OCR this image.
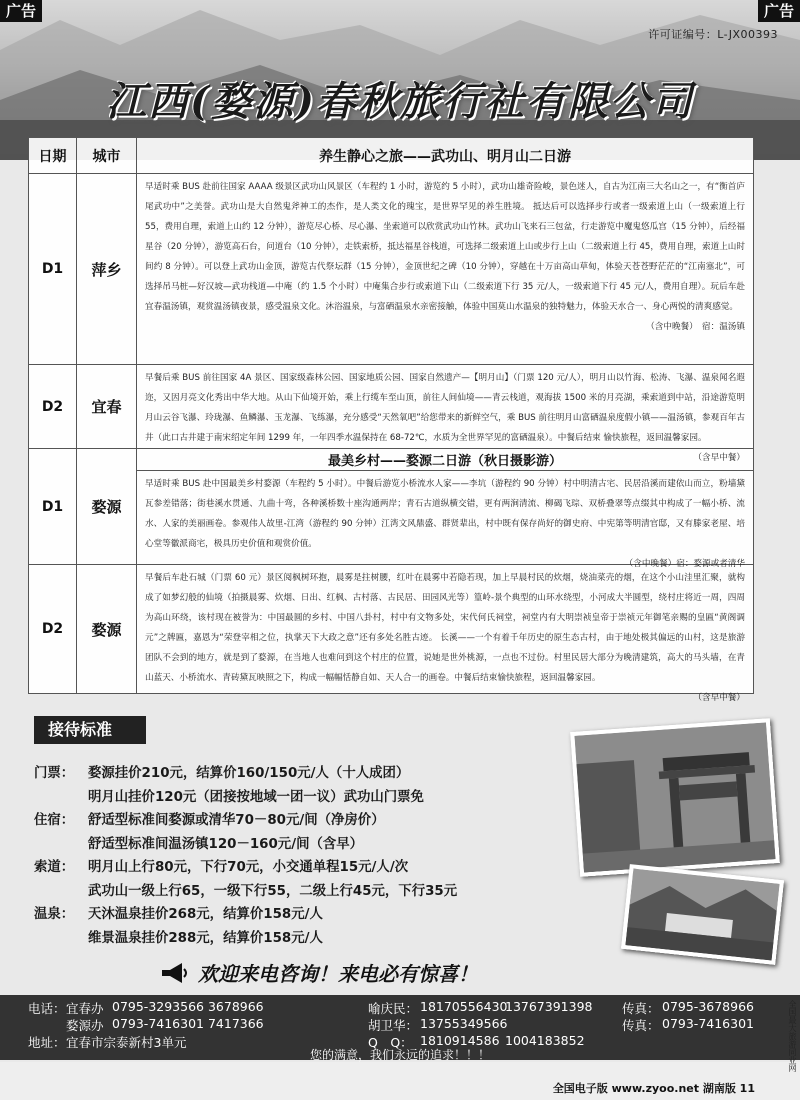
广告	广告
许可证编号：L-JX00393
江西(婺源)春秋旅行社有限公司
日期	城市	养生静心之旅——武功山、明月山二日游
D1	萍乡
早适时乘 BUS 赴前往国家 AAAA 级景区武功山风景区（车程约 1 小时，游览约 5 小时），武功山雄奇险峻，景色迷人，自古为江南三大名山之一，有“衡首庐尾武功中”之美誉。武功山是大自然鬼斧神工的杰作，是人类文化的瑰宝，是世界罕见的养生胜境。 抵达后可以选择步行或者一级索道上山（一级索道上行 55，费用自理，索道上山约 12 分钟），游览尽心桥、尽心瀑、坐索道可以欣赏武功山竹林。武功山飞来石三包盆，行走游览中魔鬼悠瓜宫（15 分钟），后经福星谷（20 分钟），游览高石台，问道台（10 分钟），走铁索桥，抵达福星谷栈道，可选择二级索道上山或步行上山（二级索道上行 45，费用自理，索道上山时间约 8 分钟）。可以登上武功山金顶，游览古代祭坛群（15 分钟），金顶世纪之碑（10 分钟），穿越在十万亩高山草甸，体验天苍苍野茫茫的“江南塞北”，可选择吊马桩—好汉坡—武功栈道—中庵（约 1.5 个小时）中庵集合步行或索道下山（二级索道下行 35 元/人，一级索道下行 45 元/人，费用自理）。玩后车赴宜春温汤镇，观赏温汤镇夜景，感受温泉文化。沐浴温泉，与富硒温泉水亲密接触，体验中国莫山水温泉的独特魅力，体验天水合一、身心两悦的清爽感觉。
（含中晚餐）　宿：温汤镇
D2	宜春
早餐后乘 BUS 前往国家 4A 景区、国家级森林公园、国家地质公园、国家自然遗产—【明月山】（门票 120 元/人），明月山以竹海、松涛、飞瀑、温泉闻名遐迩，又因月亮文化秀出中华大地。从山下仙境开始，乘上行缆车至山顶，前往人间仙境——青云栈道，观海拔 1500 米的月亮湖，乘索道到中站，沿途游览明月山云谷飞瀑、玲珑瀑、鱼鳞瀑、玉龙瀑、飞练瀑，充分感受“天然氧吧”给您带来的新鲜空气，乘 BUS 前往明月山富硒温泉度假小镇——温汤镇，参观百年古井（此口古井建于南宋绍定年间 1299 年，一年四季水温保持在 68-72℃，水质为全世界罕见的富硒温泉）。中餐后结束 愉快旅程，返回温馨家园。
（含早中餐）
D1	婺源
最美乡村——婺源二日游（秋日摄影游）
早适时乘 BUS 赴中国最美乡村婺源（车程约 5 小时）。中餐后游览小桥流水人家——李坑（游程约 90 分钟）村中明清古宅、民居沿溪而建依山而立，粉墙黛瓦参差错落；街巷溪水贯通、九曲十弯，各种溪桥数十座沟通两岸；青石古道纵横交错，更有两涧清流、柳碣飞琮、双桥叠翠等点缀其中构成了一幅小桥、流水、人家的美丽画卷。参观伟人故里-江湾（游程约 90 分钟）江湾文风鼎盛、群贤辈出，村中既有保存尚好的御史府、中宪第等明清官邸，又有滕家老屋、培心堂等徽派商宅，极具历史价值和观赏价值。
（含中晚餐）宿：婺源或者清华
D2	婺源
早餐后车赴石城（门票 60 元）景区阅枫树环抱，晨雾是拄树腰，红叶在晨雾中若隐若现，加上早晨村民的炊烟，烧油菜壳的烟，在这个小山洼里汇聚，就构成了如梦幻般的仙境（拍摄晨雾、炊烟、日出、红枫、古村落、古民居、田园风光等）篁岭-景个典型的山环水绕型，小河成大半圆型，绕村庄将近一周，四周为高山环绕，该村现在被誉为：中国最圆的乡村、中国八卦村，村中有文物多处，宋代何氏祠堂，祠堂内有大明崇祯皇帝于崇祯元年御笔亲赐的皇匾“黄阁调元”之牌匾，嘉恩为“荣登宰相之位，执掌天下大政之意”还有多处名胜古迹。 长溪——一个有着千年历史的原生态古村，由于地处极其偏远的山村，这是旅游团队不会到的地方，就是到了婺源，在当地人也难问到这个村庄的位置，说她是世外桃源，一点也不过份。村里民居大部分为晚清建筑，高大的马头墙，在青山蓝天、小桥流水、青砖黛瓦映照之下，构成一幅幅恬静自如、天人合一的画卷。中餐后结束愉快旅程，返回温馨家园。
（含早中餐）
接待标准
门票：	婺源挂价210元，结算价160/150元/人（十人成团）
明月山挂价120元（团接按地域一团一议）武功山门票免
住宿：	舒适型标准间婺源或清华70－80元/间（净房价）
舒适型标准间温汤镇120－160元/间（含早）
索道：	明月山上行80元，下行70元，小交通单程15元/人/次
武功山一级上行65，一级下行55，二级上行45元，下行35元
温泉：	天沐温泉挂价268元，结算价158元/人
维景温泉挂价288元，结算价158元/人
欢迎来电咨询！来电必有惊喜！
电话： 宜春办 0795-3293566 3678966
婺源办 0793-7416301 7417366
地址： 宜春市宗泰新村3单元
喻庆民： 18170556430
13767391398
胡卫华： 13755349566
Q　Q： 1810914586 1004183852
传真： 0795-3678966
传真： 0793-7416301
您的满意，我们永远的追求！！！
全国电子版 www.zyoo.net 湖南版 11
全国最大旅游同业网
